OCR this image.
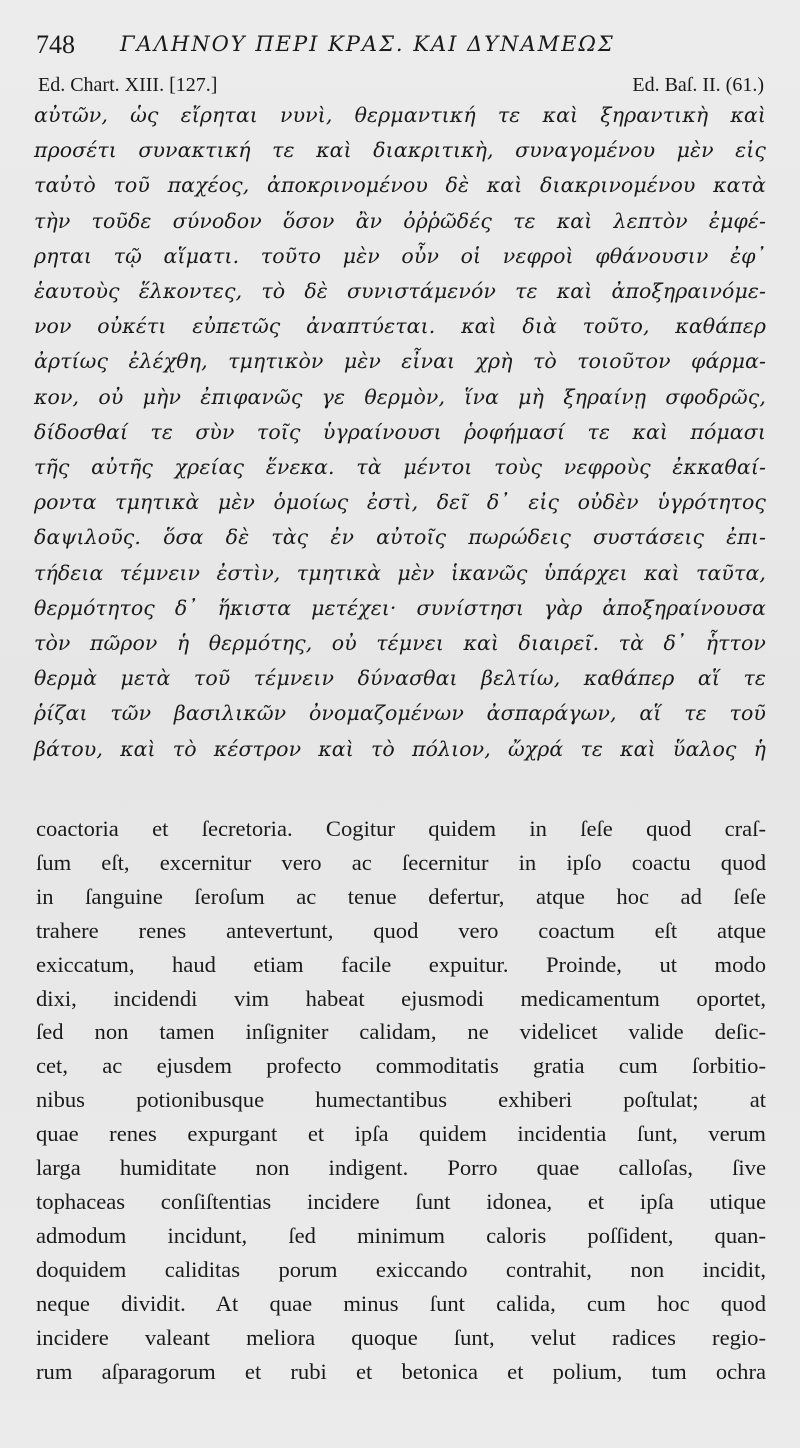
748 ΓΑΛΗΝΟΥ ΠΕΡΙ ΚΡΑΣ. ΚΑΙ ΔΥΝΑΜΕΩΣ
Ed. Chart. XIII. [127.]	Ed. Baſ. II. (61.)
αὐτῶν, ὡς εἴρηται νυνὶ, θερμαντική τε καὶ ξηραντικὴ καὶ
προσέτι συνακτική τε καὶ διακριτικὴ, συναγομένου μὲν εἰς
ταὐτὸ τοῦ παχέος, ἀποκρινομένου δὲ καὶ διακρινομένου κατὰ
τὴν τοῦδε σύνοδον ὅσον ἂν ὀῤῥῶδές τε καὶ λεπτὸν ἐμφέ-
ρηται τῷ αἵματι. τοῦτο μὲν οὖν οἱ νεφροὶ φθάνουσιν ἐφ᾽
ἑαυτοὺς ἕλκοντες, τὸ δὲ συνιστάμενόν τε καὶ ἀποξηραινόμε-
νον οὐκέτι εὐπετῶς ἀναπτύεται. καὶ διὰ τοῦτο, καθάπερ
ἀρτίως ἐλέχθη, τμητικὸν μὲν εἶναι χρὴ τὸ τοιοῦτον φάρμα-
κον, οὐ μὴν ἐπιφανῶς γε θερμὸν, ἵνα μὴ ξηραίνῃ σφοδρῶς,
δίδοσθαί τε σὺν τοῖς ὑγραίνουσι ῥοφήμασί τε καὶ πόμασι
τῆς αὐτῆς χρείας ἕνεκα. τὰ μέντοι τοὺς νεφροὺς ἐκκαθαί-
ροντα τμητικὰ μὲν ὁμοίως ἐστὶ, δεῖ δ᾽ εἰς οὐδὲν ὑγρότητος
δαψιλοῦς. ὅσα δὲ τὰς ἐν αὐτοῖς πωρώδεις συστάσεις ἐπι-
τήδεια τέμνειν ἐστὶν, τμητικὰ μὲν ἱκανῶς ὑπάρχει καὶ ταῦτα,
θερμότητος δ᾽ ἥκιστα μετέχει· συνίστησι γὰρ ἀποξηραίνουσα
τὸν πῶρον ἡ θερμότης, οὐ τέμνει καὶ διαιρεῖ. τὰ δ᾽ ἧττον
θερμὰ μετὰ τοῦ τέμνειν δύνασθαι βελτίω, καθάπερ αἵ τε
ῥίζαι τῶν βασιλικῶν ὀνομαζομένων ἀσπαράγων, αἵ τε τοῦ
βάτου, καὶ τὸ κέστρον καὶ τὸ πόλιον, ὤχρά τε καὶ ὕαλος ἡ
coactoria et ſecretoria. Cogitur quidem in ſeſe quod craſ-
ſum eſt, excernitur vero ac ſecernitur in ipſo coactu quod
in ſanguine ſeroſum ac tenue defertur, atque hoc ad ſeſe
trahere renes antevertunt, quod vero coactum eſt atque
exiccatum, haud etiam facile expuitur. Proinde, ut modo
dixi, incidendi vim habeat ejusmodi medicamentum oportet,
ſed non tamen inſigniter calidam, ne videlicet valide deſic-
cet, ac ejusdem profecto commoditatis gratia cum ſorbitio-
nibus potionibusque humectantibus exhiberi poſtulat; at
quae renes expurgant et ipſa quidem incidentia ſunt, verum
larga humiditate non indigent. Porro quae calloſas, ſive
tophaceas conſiſtentias incidere ſunt idonea, et ipſa utique
admodum incidunt, ſed minimum caloris poſſident, quan-
doquidem caliditas porum exiccando contrahit, non incidit,
neque dividit. At quae minus ſunt calida, cum hoc quod
incidere valeant meliora quoque ſunt, velut radices regio-
rum aſparagorum et rubi et betonica et polium, tum ochra
